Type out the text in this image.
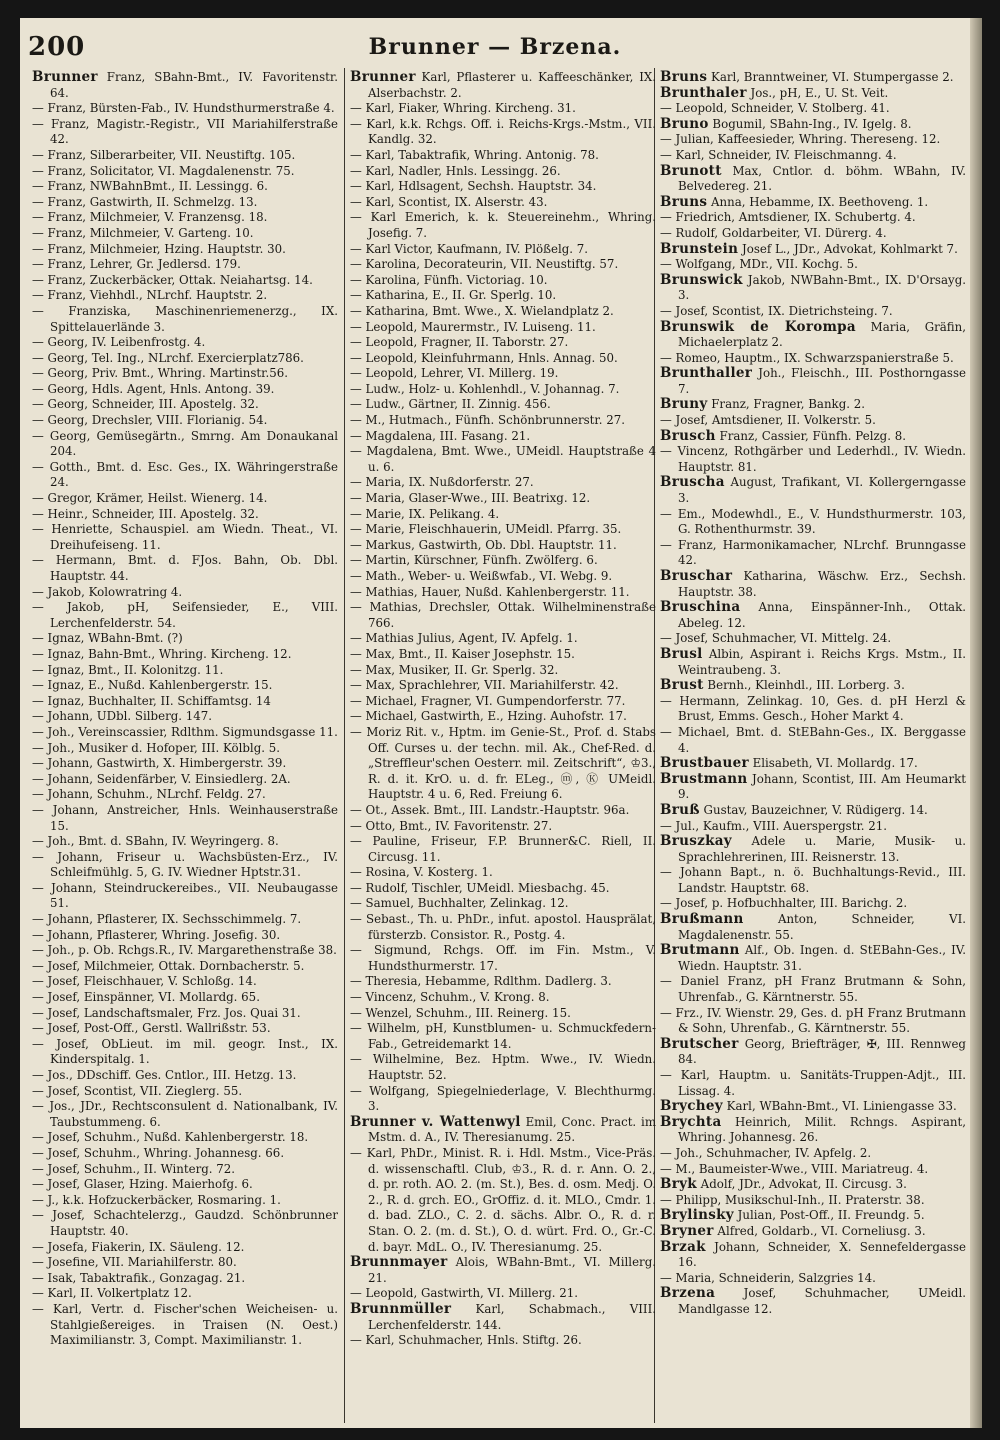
200	Brunner — Brzena.

Brunner Franz, SBahn-Bmt., IV. Favoritenstr. 64.

— Franz, Bürsten-Fab., IV. Hundsthurmerstraße 4.

— Franz, Magistr.-Registr., VII Mariahilferstraße 42.

— Franz, Silberarbeiter, VII. Neustiftg. 105.

— Franz, Solicitator, VI. Magdalenenstr. 75.

— Franz, NWBahnBmt., II. Lessingg. 6.

— Franz, Gastwirth, II. Schmelzg. 13.

— Franz, Milchmeier, V. Franzensg. 18.

— Franz, Milchmeier, V. Garteng. 10.

— Franz, Milchmeier, Hzing. Hauptstr. 30.

— Franz, Lehrer, Gr. Jedlersd. 179.

— Franz, Zuckerbäcker, Ottak. Neiahartsg. 14.

— Franz, Viehhdl., NLrchf. Hauptstr. 2.

— Franziska, Maschinenriemenerzg., IX. Spittelauerlände 3.

— Georg, IV. Leibenfrostg. 4.

— Georg, Tel. Ing., NLrchf. Exercierplatz786.

— Georg, Priv. Bmt., Whring. Martinstr.56.

— Georg, Hdls. Agent, Hnls. Antong. 39.

— Georg, Schneider, III. Apostelg. 32.

— Georg, Drechsler, VIII. Florianig. 54.

— Georg, Gemüsegärtn., Smrng. Am Donaukanal 204.

— Gotth., Bmt. d. Esc. Ges., IX. Währingerstraße 24.

— Gregor, Krämer, Heilst. Wienerg. 14.

— Heinr., Schneider, III. Apostelg. 32.

— Henriette, Schauspiel. am Wiedn. Theat., VI. Dreihufeiseng. 11.

— Hermann, Bmt. d. FJos. Bahn, Ob. Dbl. Hauptstr. 44.

— Jakob, Kolowratring 4.

— Jakob, pH, Seifensieder, E., VIII. Lerchenfelderstr. 54.

— Ignaz, WBahn-Bmt. (?)

— Ignaz, Bahn-Bmt., Whring. Kircheng. 12.

— Ignaz, Bmt., II. Kolonitzg. 11.

— Ignaz, E., Nußd. Kahlenbergerstr. 15.

— Ignaz, Buchhalter, II. Schiffamtsg. 14

— Johann, UDbl. Silberg. 147.

— Joh., Vereinscassier, Rdlthm. Sigmundsgasse 11.

— Joh., Musiker d. Hofoper, III. Kölblg. 5.

— Johann, Gastwirth, X. Himbergerstr. 39.

— Johann, Seidenfärber, V. Einsiedlerg. 2A.

— Johann, Schuhm., NLrchf. Feldg. 27.

— Johann, Anstreicher, Hnls. Weinhauserstraße 15.

— Joh., Bmt. d. SBahn, IV. Weyringerg. 8.

— Johann, Friseur u. Wachsbüsten-Erz., IV. Schleifmühlg. 5, G. IV. Wiedner Hptstr.31.

— Johann, Steindruckereibes., VII. Neubaugasse 51.

— Johann, Pflasterer, IX. Sechsschimmelg. 7.

— Johann, Pflasterer, Whring. Josefig. 30.

— Joh., p. Ob. Rchgs.R., IV. Margarethenstraße 38.

— Josef, Milchmeier, Ottak. Dornbacherstr. 5.

— Josef, Fleischhauer, V. Schloßg. 14.

— Josef, Einspänner, VI. Mollardg. 65.

— Josef, Landschaftsmaler, Frz. Jos. Quai 31.

— Josef, Post-Off., Gerstl. Wallrißstr. 53.

— Josef, ObLieut. im mil. geogr. Inst., IX. Kinderspitalg. 1.

— Jos., DDschiff. Ges. Cntlor., III. Hetzg. 13.

— Josef, Scontist, VII. Zieglerg. 55.

— Jos., JDr., Rechtsconsulent d. Nationalbank, IV. Taubstummeng. 6.

— Josef, Schuhm., Nußd. Kahlenbergerstr. 18.

— Josef, Schuhm., Whring. Johannesg. 66.

— Josef, Schuhm., II. Winterg. 72.

— Josef, Glaser, Hzing. Maierhofg. 6.

— J., k.k. Hofzuckerbäcker, Rosmaring. 1.

— Josef, Schachtelerzg., Gaudzd. Schönbrunner Hauptstr. 40.

— Josefa, Fiakerin, IX. Säuleng. 12.

— Josefine, VII. Mariahilferstr. 80.

— Isak, Tabaktrafik., Gonzagag. 21.

— Karl, II. Volkertplatz 12.

— Karl, Vertr. d. Fischer'schen Weicheisen- u. Stahlgießereiges. in Traisen (N. Oest.) Maximilianstr. 3, Compt. Maximilianstr. 1.

Brunner Karl, Pflasterer u. Kaffeeschänker, IX. Alserbachstr. 2.

— Karl, Fiaker, Whring. Kircheng. 31.

— Karl, k.k. Rchgs. Off. i. Reichs-Krgs.-Mstm., VII. Kandlg. 32.

— Karl, Tabaktrafik, Whring. Antonig. 78.

— Karl, Nadler, Hnls. Lessingg. 26.

— Karl, Hdlsagent, Sechsh. Hauptstr. 34.

— Karl, Scontist, IX. Alserstr. 43.

— Karl Emerich, k. k. Steuereinehm., Whring. Josefig. 7.

— Karl Victor, Kaufmann, IV. Plößelg. 7.

— Karolina, Decorateurin, VII. Neustiftg. 57.

— Karolina, Fünfh. Victoriag. 10.

— Katharina, E., II. Gr. Sperlg. 10.

— Katharina, Bmt. Wwe., X. Wielandplatz 2.

— Leopold, Maurermstr., IV. Luiseng. 11.

— Leopold, Fragner, II. Taborstr. 27.

— Leopold, Kleinfuhrmann, Hnls. Annag. 50.

— Leopold, Lehrer, VI. Millerg. 19.

— Ludw., Holz- u. Kohlenhdl., V. Johannag. 7.

— Ludw., Gärtner, II. Zinnig. 456.

— M., Hutmach., Fünfh. Schönbrunnerstr. 27.

— Magdalena, III. Fasang. 21.

— Magdalena, Bmt. Wwe., UMeidl. Hauptstraße 4 u. 6.

— Maria, IX. Nußdorferstr. 27.

— Maria, Glaser-Wwe., III. Beatrixg. 12.

— Marie, IX. Pelikang. 4.

— Marie, Fleischhauerin, UMeidl. Pfarrg. 35.

— Markus, Gastwirth, Ob. Dbl. Hauptstr. 11.

— Martin, Kürschner, Fünfh. Zwölferg. 6.

— Math., Weber- u. Weißwfab., VI. Webg. 9.

— Mathias, Hauer, Nußd. Kahlenbergerstr. 11.

— Mathias, Drechsler, Ottak. Wilhelminenstraße 766.

— Mathias Julius, Agent, IV. Apfelg. 1.

— Max, Bmt., II. Kaiser Josephstr. 15.

— Max, Musiker, II. Gr. Sperlg. 32.

— Max, Sprachlehrer, VII. Mariahilferstr. 42.

— Michael, Fragner, VI. Gumpendorferstr. 77.

— Michael, Gastwirth, E., Hzing. Auhofstr. 17.

— Moriz Rit. v., Hptm. im Genie-St., Prof. d. Stabs Off. Curses u. der techn. mil. Ak., Chef-Red. d. „Streffleur'schen Oesterr. mil. Zeitschrift“, ♔3., R. d. it. KrO. u. d. fr. ELeg., ⓜ, Ⓚ UMeidl. Hauptstr. 4 u. 6, Red. Freiung 6.

— Ot., Assek. Bmt., III. Landstr.-Hauptstr. 96a.

— Otto, Bmt., IV. Favoritenstr. 27.

— Pauline, Friseur, F.P. Brunner&C. Riell, II. Circusg. 11.

— Rosina, V. Kosterg. 1.

— Rudolf, Tischler, UMeidl. Miesbachg. 45.

— Samuel, Buchhalter, Zelinkag. 12.

— Sebast., Th. u. PhDr., infut. apostol. Hausprälat, fürsterzb. Consistor. R., Postg. 4.

— Sigmund, Rchgs. Off. im Fin. Mstm., V. Hundsthurmerstr. 17.

— Theresia, Hebamme, Rdlthm. Dadlerg. 3.

— Vincenz, Schuhm., V. Krong. 8.

— Wenzel, Schuhm., III. Reinerg. 15.

— Wilhelm, pH, Kunstblumen- u. Schmuckfedern-Fab., Getreidemarkt 14.

— Wilhelmine, Bez. Hptm. Wwe., IV. Wiedn. Hauptstr. 52.

— Wolfgang, Spiegelniederlage, V. Blechthurmg. 3.

Brunner v. Wattenwyl Emil, Conc. Pract. im Mstm. d. A., IV. Theresianumg. 25.

— Karl, PhDr., Minist. R. i. Hdl. Mstm., Vice-Präs. d. wissenschaftl. Club, ♔3., R. d. r. Ann. O. 2., d. pr. roth. AO. 2. (m. St.), Bes. d. osm. Medj. O. 2., R. d. grch. EO., GrOffiz. d. it. MLO., Cmdr. 1. d. bad. ZLO., C. 2. d. sächs. Albr. O., R. d. r. Stan. O. 2. (m. d. St.), O. d. würt. Frd. O., Gr.-C. d. bayr. MdL. O., IV. Theresianumg. 25.

Brunnmayer Alois, WBahn-Bmt., VI. Millerg. 21.

— Leopold, Gastwirth, VI. Millerg. 21.

Brunnmüller Karl, Schabmach., VIII. Lerchenfelderstr. 144.

— Karl, Schuhmacher, Hnls. Stiftg. 26.

Bruns Karl, Branntweiner, VI. Stumpergasse 2.

Brunthaler Jos., pH, E., U. St. Veit.

— Leopold, Schneider, V. Stolberg. 41.

Bruno Bogumil, SBahn-Ing., IV. Igelg. 8.

— Julian, Kaffeesieder, Whring. Thereseng. 12.

— Karl, Schneider, IV. Fleischmanng. 4.

Brunott Max, Cntlor. d. böhm. WBahn, IV. Belvedereg. 21.

Bruns Anna, Hebamme, IX. Beethoveng. 1.

— Friedrich, Amtsdiener, IX. Schubertg. 4.

— Rudolf, Goldarbeiter, VI. Dürerg. 4.

Brunstein Josef L., JDr., Advokat, Kohlmarkt 7.

— Wolfgang, MDr., VII. Kochg. 5.

Brunswick Jakob, NWBahn-Bmt., IX. D'Orsayg. 3.

— Josef, Scontist, IX. Dietrichsteing. 7.

Brunswik de Korompa Maria, Gräfin, Michaelerplatz 2.

— Romeo, Hauptm., IX. Schwarzspanierstraße 5.

Brunthaller Joh., Fleischh., III. Posthorngasse 7.

Bruny Franz, Fragner, Bankg. 2.

— Josef, Amtsdiener, II. Volkerstr. 5.

Brusch Franz, Cassier, Fünfh. Pelzg. 8.

— Vincenz, Rothgärber und Lederhdl., IV. Wiedn. Hauptstr. 81.

Bruscha August, Trafikant, VI. Kollergerngasse 3.

— Em., Modewhdl., E., V. Hundsthurmerstr. 103, G. Rothenthurmstr. 39.

— Franz, Harmonikamacher, NLrchf. Brunngasse 42.

Bruschar Katharina, Wäschw. Erz., Sechsh. Hauptstr. 38.

Bruschina Anna, Einspänner-Inh., Ottak. Abeleg. 12.

— Josef, Schuhmacher, VI. Mittelg. 24.

Brusl Albin, Aspirant i. Reichs Krgs. Mstm., II. Weintraubeng. 3.

Brust Bernh., Kleinhdl., III. Lorberg. 3.

— Hermann, Zelinkag. 10, Ges. d. pH Herzl & Brust, Emms. Gesch., Hoher Markt 4.

— Michael, Bmt. d. StEBahn-Ges., IX. Berggasse 4.

Brustbauer Elisabeth, VI. Mollardg. 17.

Brustmann Johann, Scontist, III. Am Heumarkt 9.

Bruß Gustav, Bauzeichner, V. Rüdigerg. 14.

— Jul., Kaufm., VIII. Auerspergstr. 21.

Bruszkay Adele u. Marie, Musik- u. Sprachlehrerinen, III. Reisnerstr. 13.

— Johann Bapt., n. ö. Buchhaltungs-Revid., III. Landstr. Hauptstr. 68.

— Josef, p. Hofbuchhalter, III. Barichg. 2.

Brußmann Anton, Schneider, VI. Magdalenenstr. 55.

Brutmann Alf., Ob. Ingen. d. StEBahn-Ges., IV. Wiedn. Hauptstr. 31.

— Daniel Franz, pH Franz Brutmann & Sohn, Uhrenfab., G. Kärntnerstr. 55.

— Frz., IV. Wienstr. 29, Ges. d. pH Franz Brutmann & Sohn, Uhrenfab., G. Kärntnerstr. 55.

Brutscher Georg, Briefträger, ✠, III. Rennweg 84.

— Karl, Hauptm. u. Sanitäts-Truppen-Adjt., III. Lissag. 4.

Brychey Karl, WBahn-Bmt., VI. Liniengasse 33.

Brychta Heinrich, Milit. Rchngs. Aspirant, Whring. Johannesg. 26.

— Joh., Schuhmacher, IV. Apfelg. 2.

— M., Baumeister-Wwe., VIII. Mariatreug. 4.

Bryk Adolf, JDr., Advokat, II. Circusg. 3.

— Philipp, Musikschul-Inh., II. Praterstr. 38.

Brylinsky Julian, Post-Off., II. Freundg. 5.

Bryner Alfred, Goldarb., VI. Corneliusg. 3.

Brzak Johann, Schneider, X. Sennefeldergasse 16.

— Maria, Schneiderin, Salzgries 14.

Brzena Josef, Schuhmacher, UMeidl. Mandlgasse 12.
